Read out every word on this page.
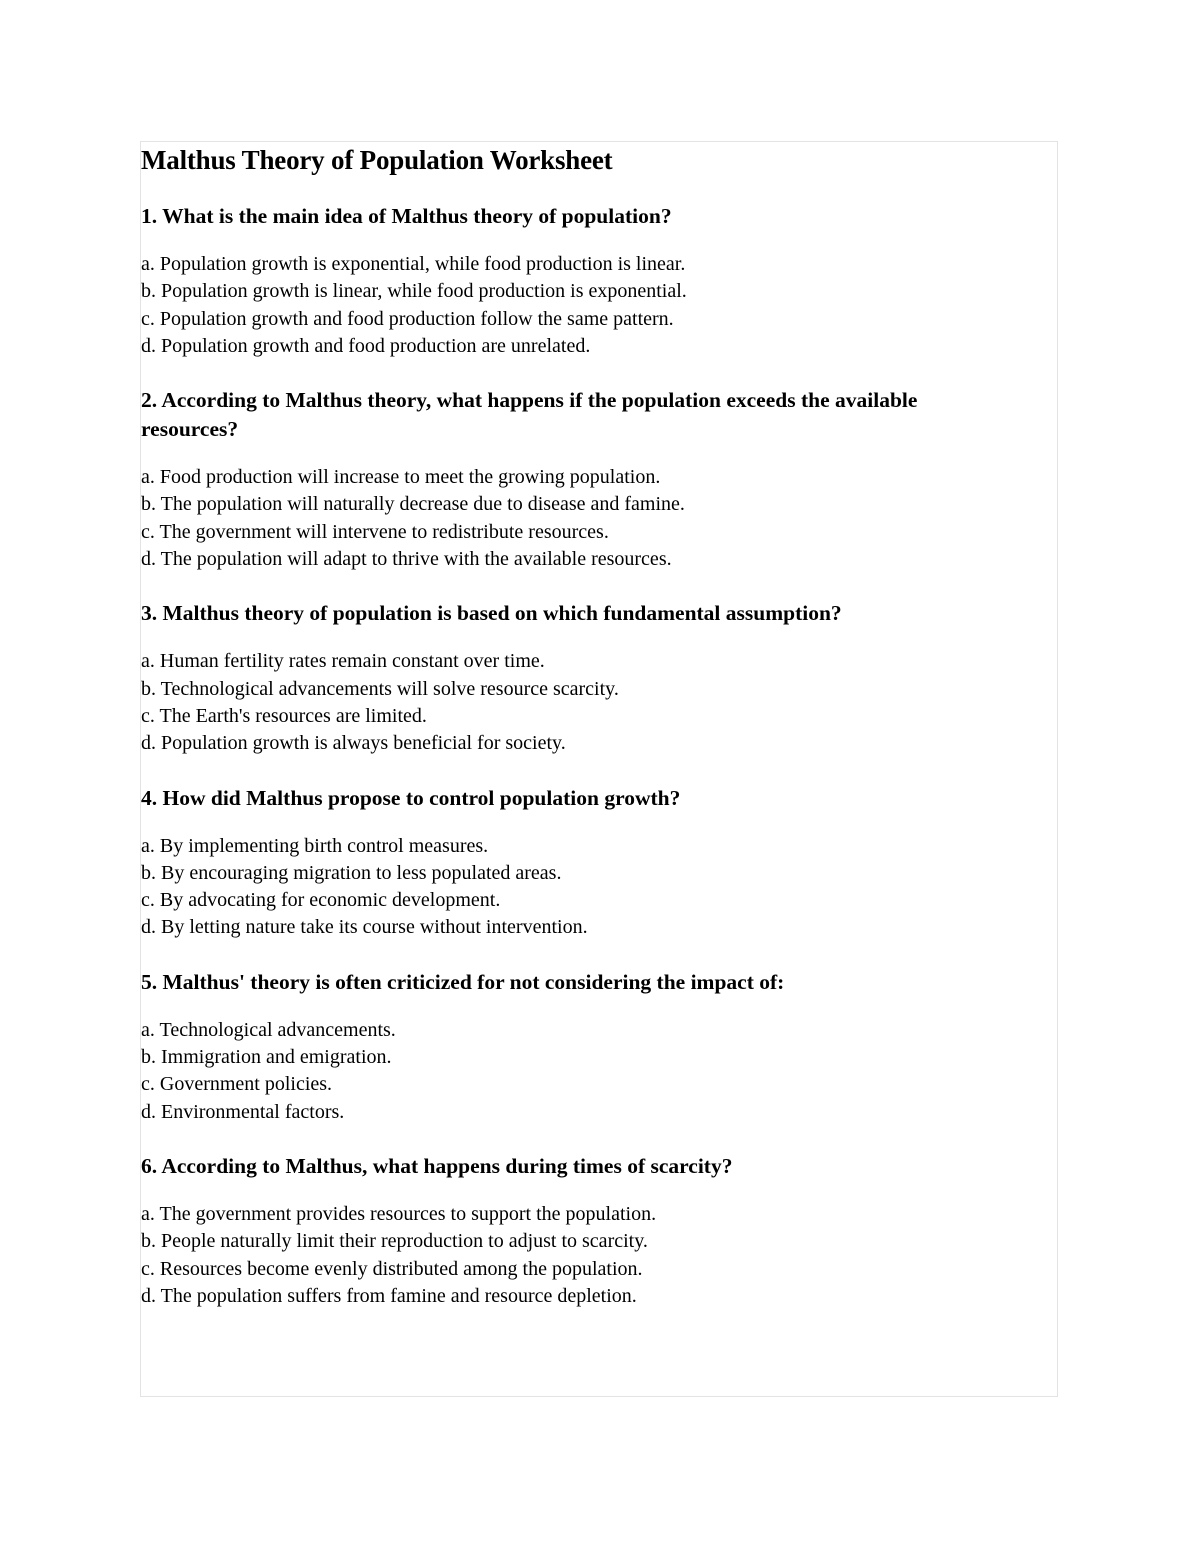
Malthus Theory of Population Worksheet

1. What is the main idea of Malthus theory of population?

a. Population growth is exponential, while food production is linear.

b. Population growth is linear, while food production is exponential.

c. Population growth and food production follow the same pattern.

d. Population growth and food production are unrelated.

2. According to Malthus theory, what happens if the population exceeds the available resources?

a. Food production will increase to meet the growing population.

b. The population will naturally decrease due to disease and famine.

c. The government will intervene to redistribute resources.

d. The population will adapt to thrive with the available resources.

3. Malthus theory of population is based on which fundamental assumption?

a. Human fertility rates remain constant over time.

b. Technological advancements will solve resource scarcity.

c. The Earth's resources are limited.

d. Population growth is always beneficial for society.

4. How did Malthus propose to control population growth?

a. By implementing birth control measures.

b. By encouraging migration to less populated areas.

c. By advocating for economic development.

d. By letting nature take its course without intervention.

5. Malthus' theory is often criticized for not considering the impact of:

a. Technological advancements.

b. Immigration and emigration.

c. Government policies.

d. Environmental factors.

6. According to Malthus, what happens during times of scarcity?

a. The government provides resources to support the population.

b. People naturally limit their reproduction to adjust to scarcity.

c. Resources become evenly distributed among the population.

d. The population suffers from famine and resource depletion.
